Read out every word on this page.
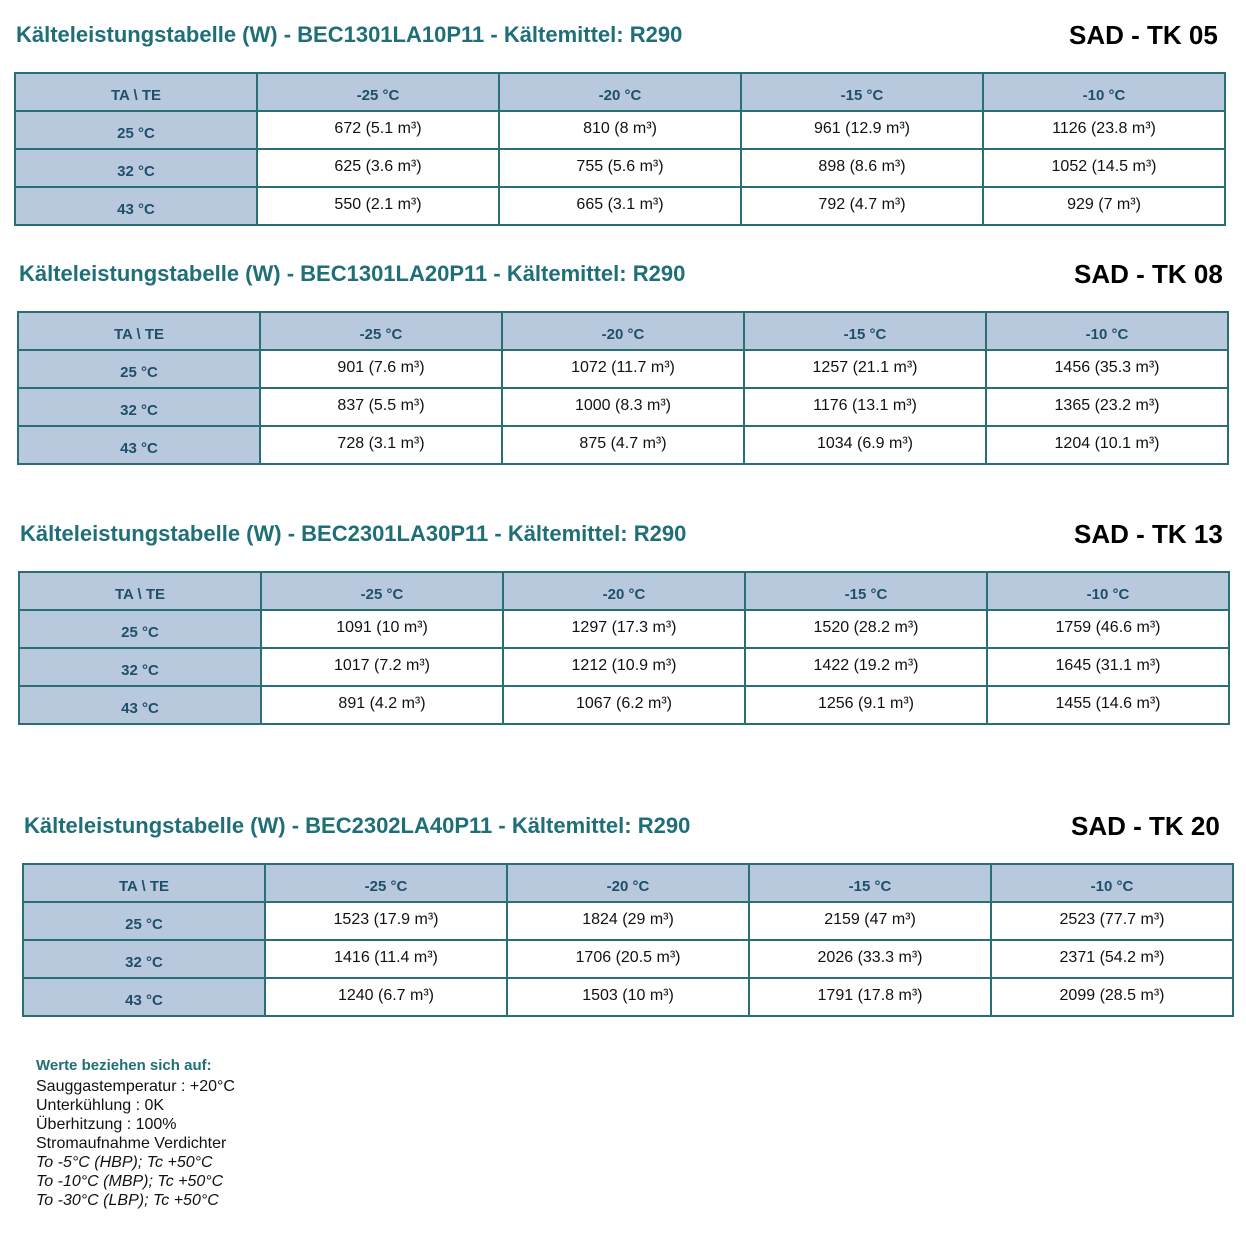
Kälteleistungstabelle (W) - BEC1301LA10P11 - Kältemittel: R290	SAD - TK 05
TA \ TE	-25 °C	-20 °C	-15 °C	-10 °C
25 °C	672 (5.1 m³)	810 (8 m³)	961 (12.9 m³)	1126 (23.8 m³)
32 °C	625 (3.6 m³)	755 (5.6 m³)	898 (8.6 m³)	1052 (14.5 m³)
43 °C	550 (2.1 m³)	665 (3.1 m³)	792 (4.7 m³)	929 (7 m³)
Kälteleistungstabelle (W) - BEC1301LA20P11 - Kältemittel: R290	SAD - TK 08
TA \ TE	-25 °C	-20 °C	-15 °C	-10 °C
25 °C	901 (7.6 m³)	1072 (11.7 m³)	1257 (21.1 m³)	1456 (35.3 m³)
32 °C	837 (5.5 m³)	1000 (8.3 m³)	1176 (13.1 m³)	1365 (23.2 m³)
43 °C	728 (3.1 m³)	875 (4.7 m³)	1034 (6.9 m³)	1204 (10.1 m³)
Kälteleistungstabelle (W) - BEC2301LA30P11 - Kältemittel: R290	SAD - TK 13
TA \ TE	-25 °C	-20 °C	-15 °C	-10 °C
25 °C	1091 (10 m³)	1297 (17.3 m³)	1520 (28.2 m³)	1759 (46.6 m³)
32 °C	1017 (7.2 m³)	1212 (10.9 m³)	1422 (19.2 m³)	1645 (31.1 m³)
43 °C	891 (4.2 m³)	1067 (6.2 m³)	1256 (9.1 m³)	1455 (14.6 m³)
Kälteleistungstabelle (W) - BEC2302LA40P11 - Kältemittel: R290	SAD - TK 20
TA \ TE	-25 °C	-20 °C	-15 °C	-10 °C
25 °C	1523 (17.9 m³)	1824 (29 m³)	2159 (47 m³)	2523 (77.7 m³)
32 °C	1416 (11.4 m³)	1706 (20.5 m³)	2026 (33.3 m³)	2371 (54.2 m³)
43 °C	1240 (6.7 m³)	1503 (10 m³)	1791 (17.8 m³)	2099 (28.5 m³)
Werte beziehen sich auf:
Sauggastemperatur : +20°C
Unterkühlung : 0K
Überhitzung : 100%
Stromaufnahme Verdichter
To -5°C (HBP); Tc +50°C
To -10°C (MBP); Tc +50°C
To -30°C (LBP); Tc +50°C
